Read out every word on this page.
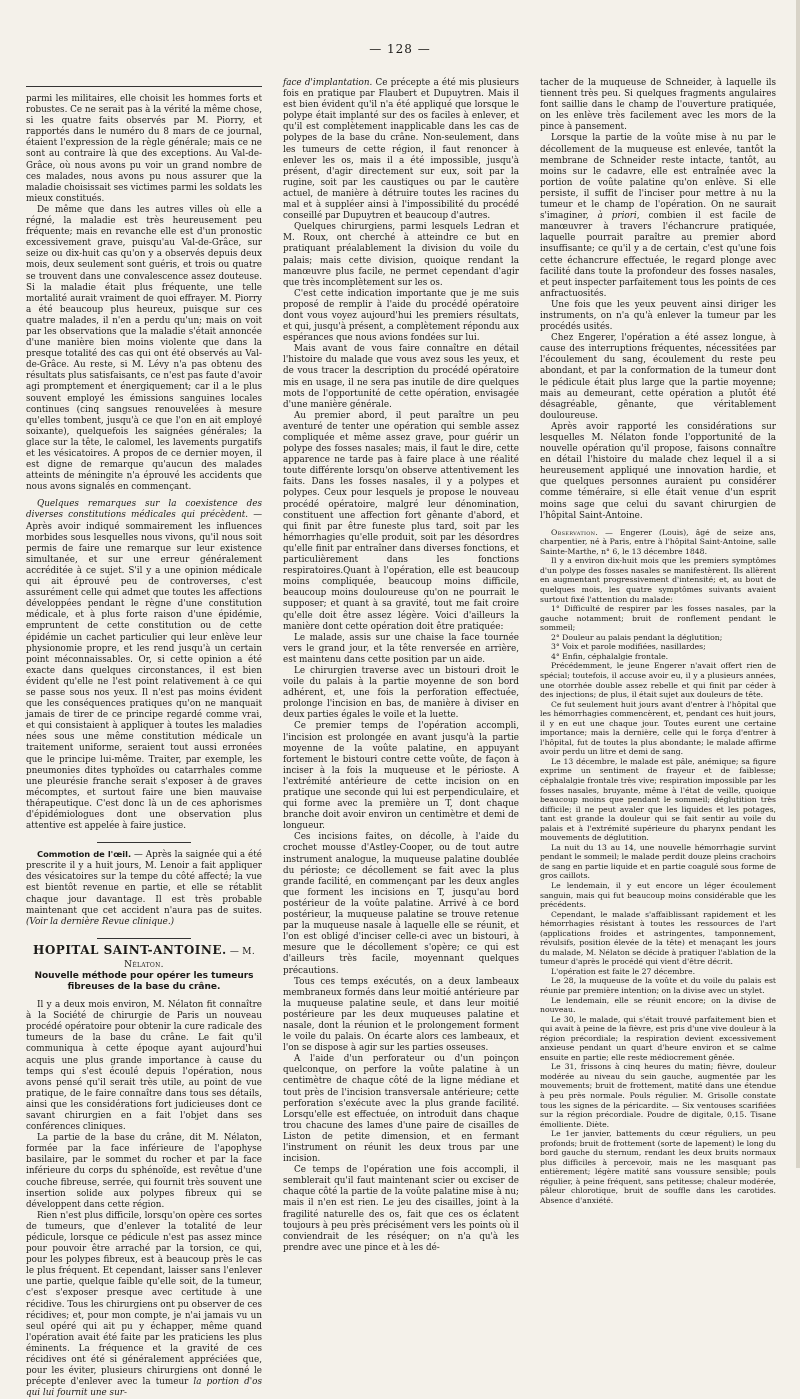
— 128 —

parmi les militaires, elle choisit les hommes forts et robustes. Ce ne serait pas à la vérité la même chose, si les quatre faits observés par M. Piorry, et rapportés dans le numéro du 8 mars de ce journal, étaient l'expression de la règle générale; mais ce ne sont au contraire là que des exceptions. Au Val-de-Grâce, où nous avons pu voir un grand nombre de ces malades, nous avons pu nous assurer que la maladie choisissait ses victimes parmi les soldats les mieux constitués.

De même que dans les autres villes où elle a régné, la maladie est très heureusement peu fréquente; mais en revanche elle est d'un pronostic excessivement grave, puisqu'au Val-de-Grâce, sur seize ou dix-huit cas qu'on y a observés depuis deux mois, deux seulement sont guéris, et trois ou quatre se trouvent dans une convalescence assez douteuse. Si la maladie était plus fréquente, une telle mortalité aurait vraiment de quoi effrayer. M. Piorry a été beaucoup plus heureux, puisque sur ces quatre malades, il n'en a perdu qu'un; mais on voit par les observations que la maladie s'était annoncée d'une manière bien moins violente que dans la presque totalité des cas qui ont été observés au Val-de-Grâce. Au reste, si M. Lévy n'a pas obtenu des résultats plus satisfaisants, ce n'est pas faute d'avoir agi promptement et énergiquement; car il a le plus souvent employé les émissions sanguines locales continues (cinq sangsues renouvelées à mesure qu'elles tombent, jusqu'à ce que l'on en ait employé soixante), quelquefois les saignées générales; la glace sur la tête, le calomel, les lavements purgatifs et les vésicatoires. A propos de ce dernier moyen, il est digne de remarque qu'aucun des malades atteints de méningite n'a éprouvé les accidents que nous avons signalés en commençant.

Quelques remarques sur la coexistence des diverses constitutions médicales qui précèdent. — Après avoir indiqué sommairement les influences morbides sous lesquelles nous vivons, qu'il nous soit permis de faire une remarque sur leur existence simultanée, et sur une erreur généralement accréditée à ce sujet. S'il y a une opinion médicale qui ait éprouvé peu de controverses, c'est assurément celle qui admet que toutes les affections développées pendant le règne d'une constitution médicale, et à plus forte raison d'une épidémie, empruntent de cette constitution ou de cette épidémie un cachet particulier qui leur enlève leur physionomie propre, et les rend jusqu'à un certain point méconnaissables. Or, si cette opinion a été exacte dans quelques circonstances, il est bien évident qu'elle ne l'est point relativement à ce qui se passe sous nos yeux. Il n'est pas moins évident que les conséquences pratiques qu'on ne manquait jamais de tirer de ce principe regardé comme vrai, et qui consistaient à appliquer à toutes les maladies nées sous une même constitution médicale un traitement uniforme, seraient tout aussi erronées que le principe lui-même. Traiter, par exemple, les pneumonies dites typhoïdes ou catarrhales comme une pleurésie franche serait s'exposer à de graves mécomptes, et surtout faire une bien mauvaise thérapeutique. C'est donc là un de ces aphorismes d'épidémiologues dont une observation plus attentive est appelée à faire justice.

Commotion de l'œil. — Après la saignée qui a été prescrite il y a huit jours, M. Lenoir a fait appliquer des vésicatoires sur la tempe du côté affecté; la vue est bientôt revenue en partie, et elle se rétablit chaque jour davantage. Il est très probable maintenant que cet accident n'aura pas de suites. (Voir la dernière Revue clinique.)

HOPITAL SAINT-ANTOINE. — M. Nélaton.

Nouvelle méthode pour opérer les tumeurs fibreuses de la base du crâne.

Il y a deux mois environ, M. Nélaton fit connaître à la Société de chirurgie de Paris un nouveau procédé opératoire pour obtenir la cure radicale des tumeurs de la base du crâne. Le fait qu'il communiqua à cette époque ayant aujourd'hui acquis une plus grande importance à cause du temps qui s'est écoulé depuis l'opération, nous avons pensé qu'il serait très utile, au point de vue pratique, de le faire connaître dans tous ses détails, ainsi que les considérations fort judicieuses dont ce savant chirurgien en a fait l'objet dans ses conférences cliniques.

La partie de la base du crâne, dit M. Nélaton, formée par la face inférieure de l'apophyse basilaire, par le sommet du rocher et par la face inférieure du corps du sphénoïde, est revêtue d'une couche fibreuse, serrée, qui fournit très souvent une insertion solide aux polypes fibreux qui se développent dans cette région.

Rien n'est plus difficile, lorsqu'on opère ces sortes de tumeurs, que d'enlever la totalité de leur pédicule, lorsque ce pédicule n'est pas assez mince pour pouvoir être arraché par la torsion, ce qui, pour les polypes fibreux, est à beaucoup près le cas le plus fréquent. Et cependant, laisser sans l'enlever une partie, quelque faible qu'elle soit, de la tumeur, c'est s'exposer presque avec certitude à une récidive. Tous les chirurgiens ont pu observer de ces récidives; et, pour mon compte, je n'ai jamais vu un seul opéré qui ait pu y échapper, même quand l'opération avait été faite par les praticiens les plus éminents. La fréquence et la gravité de ces récidives ont été si généralement appréciées que, pour les éviter, plusieurs chirurgiens ont donné le précepte d'enlever avec la tumeur la portion d'os qui lui fournit une sur-

face d'implantation. Ce précepte a été mis plusieurs fois en pratique par Flaubert et Dupuytren. Mais il est bien évident qu'il n'a été appliqué que lorsque le polype était implanté sur des os faciles à enlever, et qu'il est complètement inapplicable dans les cas de polypes de la base du crâne. Non-seulement, dans les tumeurs de cette région, il faut renoncer à enlever les os, mais il a été impossible, jusqu'à présent, d'agir directement sur eux, soit par la rugine, soit par les caustiques ou par le cautère actuel, de manière à détruire toutes les racines du mal et à suppléer ainsi à l'impossibilité du procédé conseillé par Dupuytren et beaucoup d'autres.

Quelques chirurgiens, parmi lesquels Ledran et M. Roux, ont cherché à atteindre ce but en pratiquant préalablement la division du voile du palais; mais cette division, quoique rendant la manœuvre plus facile, ne permet cependant d'agir que très incomplètement sur les os.

C'est cette indication importante que je me suis proposé de remplir à l'aide du procédé opératoire dont vous voyez aujourd'hui les premiers résultats, et qui, jusqu'à présent, a complètement répondu aux espérances que nous avions fondées sur lui.

Mais avant de vous faire connaître en détail l'histoire du malade que vous avez sous les yeux, et de vous tracer la description du procédé opératoire mis en usage, il ne sera pas inutile de dire quelques mots de l'opportunité de cette opération, envisagée d'une manière générale.

Au premier abord, il peut paraître un peu aventuré de tenter une opération qui semble assez compliquée et même assez grave, pour guérir un polype des fosses nasales; mais, il faut le dire, cette apparence ne tarde pas à faire place à une réalité toute différente lorsqu'on observe attentivement les faits. Dans les fosses nasales, il y a polypes et polypes. Ceux pour lesquels je propose le nouveau procédé opératoire, malgré leur dénomination, constituent une affection fort gênante d'abord, et qui finit par être funeste plus tard, soit par les hémorrhagies qu'elle produit, soit par les désordres qu'elle finit par entraîner dans diverses fonctions, et particulièrement dans les fonctions respiratoires.Quant à l'opération, elle est beaucoup moins compliquée, beaucoup moins difficile, beaucoup moins douloureuse qu'on ne pourrait le supposer; et quant à sa gravité, tout me fait croire qu'elle doit être assez légère. Voici d'ailleurs la manière dont cette opération doit être pratiquée:

Le malade, assis sur une chaise la face tournée vers le grand jour, et la tête renversée en arrière, est maintenu dans cette position par un aide.

Le chirurgien traverse avec un bistouri droit le voile du palais à la partie moyenne de son bord adhérent, et, une fois la perforation effectuée, prolonge l'incision en bas, de manière à diviser en deux parties égales le voile et la luette.

Ce premier temps de l'opération accompli, l'incision est prolongée en avant jusqu'à la partie moyenne de la voûte palatine, en appuyant fortement le bistouri contre cette voûte, de façon à inciser à la fois la muqueuse et le périoste. A l'extrémité antérieure de cette incision on en pratique une seconde qui lui est perpendiculaire, et qui forme avec la première un T, dont chaque branche doit avoir environ un centimètre et demi de longueur.

Ces incisions faites, on décolle, à l'aide du crochet mousse d'Astley-Cooper, ou de tout autre instrument analogue, la muqueuse palatine doublée du périoste; ce décollement se fait avec la plus grande facilité, en commençant par les deux angles que forment les incisions en T, jusqu'au bord postérieur de la voûte palatine. Arrivé à ce bord postérieur, la muqueuse palatine se trouve retenue par la muqueuse nasale à laquelle elle se réunit, et l'on est obligé d'inciser celle-ci avec un bistouri, à mesure que le décollement s'opère; ce qui est d'ailleurs très facile, moyennant quelques précautions.

Tous ces temps exécutés, on a deux lambeaux membraneux formés dans leur moitié antérieure par la muqueuse palatine seule, et dans leur moitié postérieure par les deux muqueuses palatine et nasale, dont la réunion et le prolongement forment le voile du palais. On écarte alors ces lambeaux, et l'on se dispose à agir sur les parties osseuses.

A l'aide d'un perforateur ou d'un poinçon quelconque, on perfore la voûte palatine à un centimètre de chaque côté de la ligne médiane et tout près de l'incision transversale antérieure; cette perforation s'exécute avec la plus grande facilité. Lorsqu'elle est effectuée, on introduit dans chaque trou chacune des lames d'une paire de cisailles de Liston de petite dimension, et en fermant l'instrument on réunit les deux trous par une incision.

Ce temps de l'opération une fois accompli, il semblerait qu'il faut maintenant scier ou exciser de chaque côté la partie de la voûte palatine mise à nu; mais il n'en est rien. Le jeu des cisailles, joint à la fragilité naturelle des os, fait que ces os éclatent toujours à peu près précisément vers les points où il conviendrait de les réséquer; on n'a qu'à les prendre avec une pince et à les dé-

tacher de la muqueuse de Schneider, à laquelle ils tiennent très peu. Si quelques fragments angulaires font saillie dans le champ de l'ouverture pratiquée, on les enlève très facilement avec les mors de la pince à pansement.

Lorsque la partie de la voûte mise à nu par le décollement de la muqueuse est enlevée, tantôt la membrane de Schneider reste intacte, tantôt, au moins sur le cadavre, elle est entraînée avec la portion de voûte palatine qu'on enlève. Si elle persiste, il suffit de l'inciser pour mettre à nu la tumeur et le champ de l'opération. On ne saurait s'imaginer, à priori, combien il est facile de manœuvrer à travers l'échancrure pratiquée, laquelle pourrait paraître au premier abord insuffisante; ce qu'il y a de certain, c'est qu'une fois cette échancrure effectuée, le regard plonge avec facilité dans toute la profondeur des fosses nasales, et peut inspecter parfaitement tous les points de ces anfractuosités.

Une fois que les yeux peuvent ainsi diriger les instruments, on n'a qu'à enlever la tumeur par les procédés usités.

Chez Engerer, l'opération a été assez longue, à cause des interruptions fréquentes, nécessitées par l'écoulement du sang, écoulement du reste peu abondant, et par la conformation de la tumeur dont le pédicule était plus large que la partie moyenne; mais au demeurant, cette opération a plutôt été désagréable, gênante, que véritablement douloureuse.

Après avoir rapporté les considérations sur lesquelles M. Nélaton fonde l'opportunité de la nouvelle opération qu'il propose, faisons connaître en détail l'histoire du malade chez lequel il a si heureusement appliqué une innovation hardie, et que quelques personnes auraient pu considérer comme téméraire, si elle était venue d'un esprit moins sage que celui du savant chirurgien de l'hôpital Saint-Antoine.

Observation. — Engerer (Louis), âgé de seize ans, charpentier, né à Paris, entre à l'hôpital Saint-Antoine, salle Sainte-Marthe, n° 6, le 13 décembre 1848.

Il y a environ dix-huit mois que les premiers symptômes d'un polype des fosses nasales se manifestèrent. Ils allèrent en augmentant progressivement d'intensité; et, au bout de quelques mois, les quatre symptômes suivants avaient surtout fixé l'attention du malade:

1° Difficulté de respirer par les fosses nasales, par la gauche notamment; bruit de ronflement pendant le sommeil;

2° Douleur au palais pendant la déglutition;

3° Voix et parole modifiées, nasillardes;

4° Enfin, céphalalgie frontale.

Précédemment, le jeune Engerer n'avait offert rien de spécial; toutefois, il accuse avoir eu, il y a plusieurs années, une otorrhée double assez rebelle et qui finit par céder à des injections; de plus, il était sujet aux douleurs de tête.

Ce fut seulement huit jours avant d'entrer à l'hôpital que les hémorrhagies commencèrent, et, pendant ces huit jours, il y en eut une chaque jour. Toutes eurent une certaine importance; mais la dernière, celle qui le força d'entrer à l'hôpital, fut de toutes la plus abondante; le malade affirme avoir perdu un litre et demi de sang.

Le 13 décembre, le malade est pâle, anémique; sa figure exprime un sentiment de frayeur et de faiblesse; céphalalgie frontale très vive; respiration impossible par les fosses nasales, bruyante, même à l'état de veille, quoique beaucoup moins que pendant le sommeil; déglutition très difficile; il ne peut avaler que les liquides et les potages, tant est grande la douleur qui se fait sentir au voile du palais et à l'extrémité supérieure du pharynx pendant les mouvements de déglutition.

La nuit du 13 au 14, une nouvelle hémorrhagie survint pendant le sommeil; le malade perdit douze pleins crachoirs de sang en partie liquide et en partie coagulé sous forme de gros caillots.

Le lendemain, il y eut encore un léger écoulement sanguin, mais qui fut beaucoup moins considérable que les précédents.

Cependant, le malade s'affaiblissant rapidement et les hémorrhagies résistant à toutes les ressources de l'art (applications froides et astringentes, tamponnement, révulsifs, position élevée de la tête) et menaçant les jours du malade, M. Nélaton se décide à pratiquer l'ablation de la tumeur d'après le procédé qui vient d'être décrit.

L'opération est faite le 27 décembre.

Le 28, la muqueuse de la voûte et du voile du palais est réunie par première intention; on la divise avec un stylet.

Le lendemain, elle se réunit encore; on la divise de nouveau.

Le 30, le malade, qui s'était trouvé parfaitement bien et qui avait à peine de la fièvre, est pris d'une vive douleur à la région précordiale; la respiration devient excessivement anxieuse pendant un quart d'heure environ et se calme ensuite en partie; elle reste médiocrement gênée.

Le 31, frissons à cinq heures du matin; fièvre, douleur modérée au niveau du sein gauche, augmentée par les mouvements; bruit de frottement, matité dans une étendue à peu près normale. Pouls régulier. M. Grisolle constate tous les signes de la péricardite. — Six ventouses scarifiées sur la région précordiale. Poudre de digitale, 0,15. Tisane émolliente. Diète.

Le 1er janvier, battements du cœur réguliers, un peu profonds; bruit de frottement (sorte de lapement) le long du bord gauche du sternum, rendant les deux bruits normaux plus difficiles à percevoir, mais ne les masquant pas entièrement; légère matité sans voussure sensible; pouls régulier, à peine fréquent, sans petitesse; chaleur modérée, pâleur chlorotique, bruit de souffle dans les carotides. Absence d'anxiété.
